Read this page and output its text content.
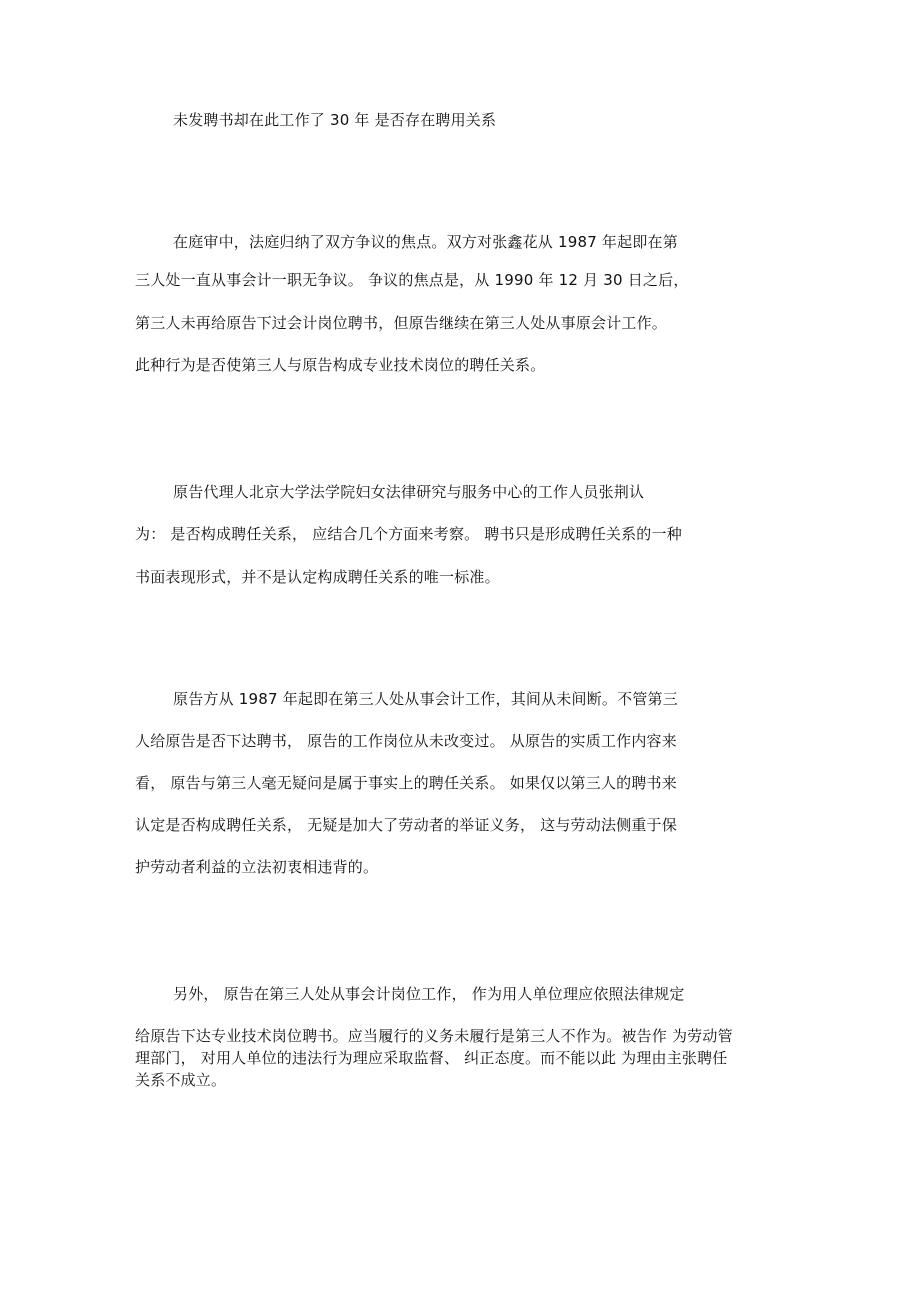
未发聘书却在此工作了 30 年 是否存在聘用关系
在庭审中，法庭归纳了双方争议的焦点。双方对张鑫花从 1987 年起即在第
三人处一直从事会计一职无争议。 争议的焦点是，从 1990 年 12 月 30 日之后，
第三人未再给原告下过会计岗位聘书，但原告继续在第三人处从事原会计工作。
此种行为是否使第三人与原告构成专业技术岗位的聘任关系。
原告代理人北京大学法学院妇女法律研究与服务中心的工作人员张荆认
为： 是否构成聘任关系， 应结合几个方面来考察。 聘书只是形成聘任关系的一种
书面表现形式，并不是认定构成聘任关系的唯一标准。
原告方从 1987 年起即在第三人处从事会计工作，其间从未间断。不管第三
人给原告是否下达聘书， 原告的工作岗位从未改变过。 从原告的实质工作内容来
看， 原告与第三人毫无疑问是属于事实上的聘任关系。 如果仅以第三人的聘书来
认定是否构成聘任关系， 无疑是加大了劳动者的举证义务， 这与劳动法侧重于保
护劳动者利益的立法初衷相违背的。
另外， 原告在第三人处从事会计岗位工作， 作为用人单位理应依照法律规定
给原告下达专业技术岗位聘书。应当履行的义务未履行是第三人不作为。被告作 为劳动管
理部门， 对用人单位的违法行为理应采取监督、 纠正态度。而不能以此 为理由主张聘任
关系不成立。
